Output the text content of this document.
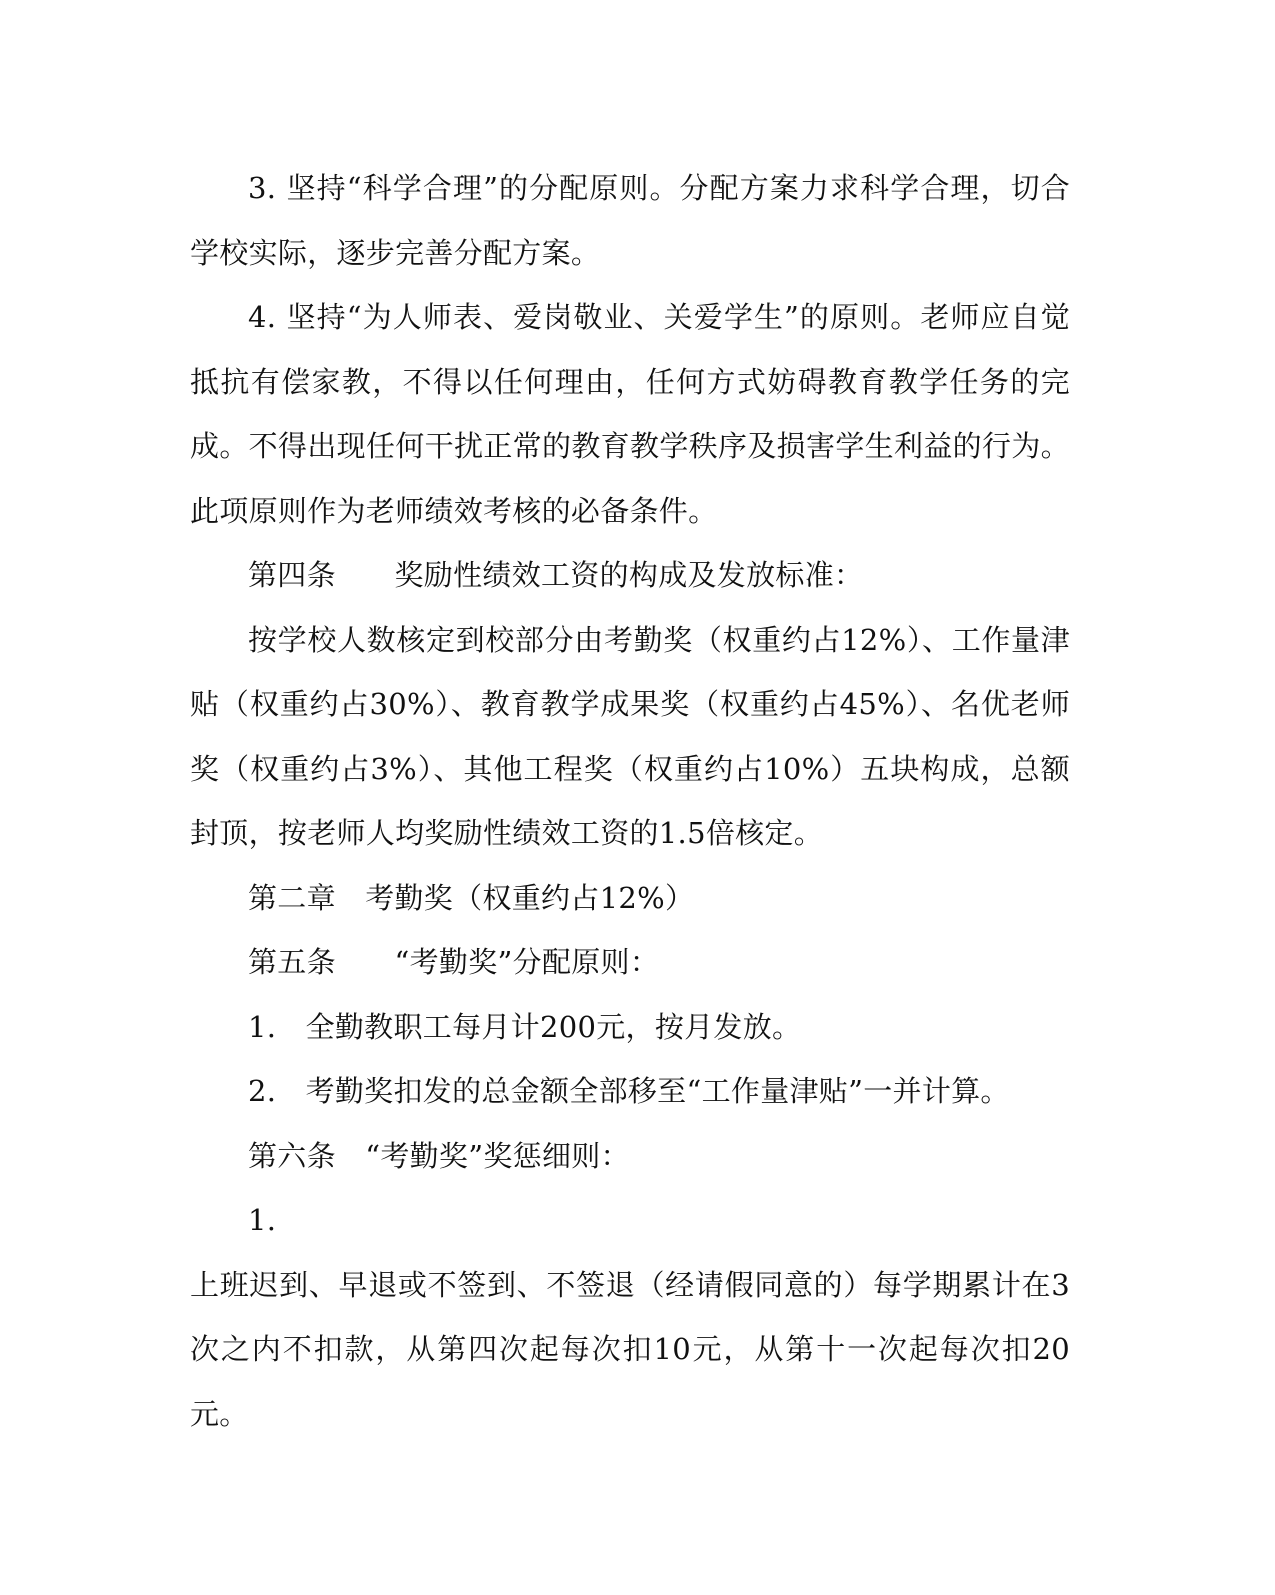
3. 坚持“科学合理”的分配原则。分配方案力求科学合理，切合学校实际，逐步完善分配方案。

4. 坚持“为人师表、爱岗敬业、关爱学生”的原则。老师应自觉抵抗有偿家教，不得以任何理由，任何方式妨碍教育教学任务的完成。不得出现任何干扰正常的教育教学秩序及损害学生利益的行为。此项原则作为老师绩效考核的必备条件。

第四条　　奖励性绩效工资的构成及发放标准：

按学校人数核定到校部分由考勤奖（权重约占12%）、工作量津贴（权重约占30%）、教育教学成果奖（权重约占45%）、名优老师奖（权重约占3%）、其他工程奖（权重约占10%）五块构成，总额封顶，按老师人均奖励性绩效工资的1.5倍核定。

第二章　考勤奖（权重约占12%）

第五条　　“考勤奖”分配原则：

1.　全勤教职工每月计200元，按月发放。

2.　考勤奖扣发的总金额全部移至“工作量津贴”一并计算。

第六条　“考勤奖”奖惩细则：

1.

上班迟到、早退或不签到、不签退（经请假同意的）每学期累计在3次之内不扣款，从第四次起每次扣10元，从第十一次起每次扣20元。
